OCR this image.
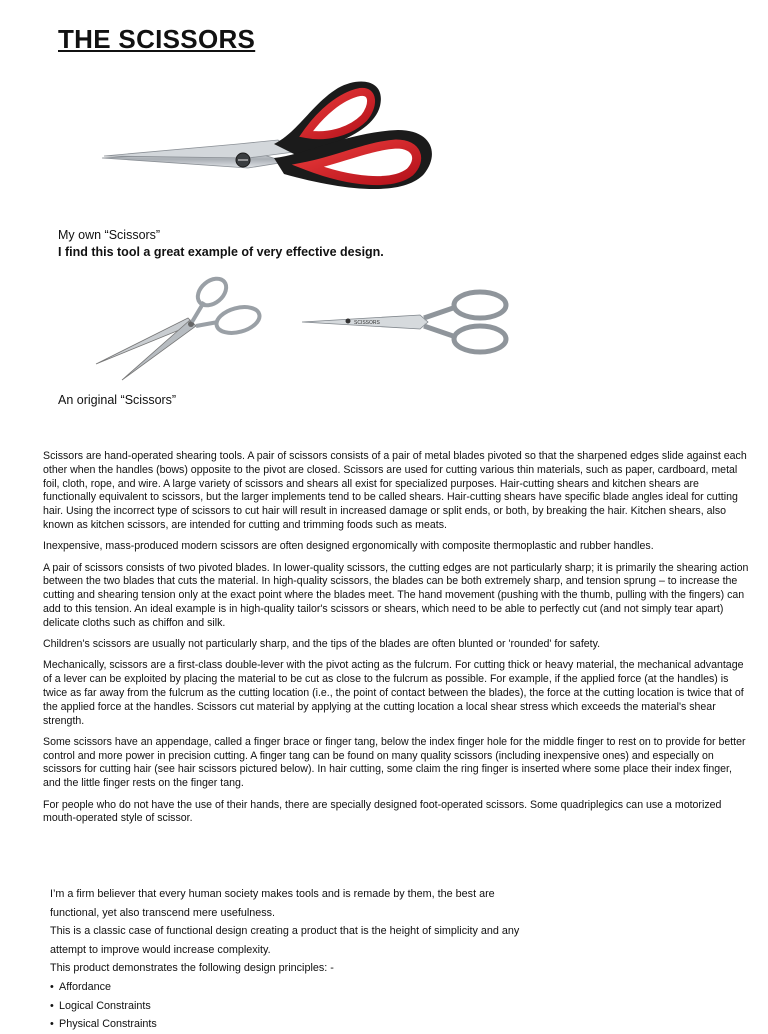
THE SCISSORS
My own “Scissors”
I find this tool a great example of very effective design.
SCISSORS
An original “Scissors”

Scissors are hand-operated shearing tools. A pair of scissors consists of a pair of metal blades pivoted so that the sharpened edges slide against each other when the handles (bows) opposite to the pivot are closed. Scissors are used for cutting various thin materials, such as paper, cardboard, metal foil, cloth, rope, and wire. A large variety of scissors and shears all exist for specialized purposes. Hair-cutting shears and kitchen shears are functionally equivalent to scissors, but the larger implements tend to be called shears. Hair-cutting shears have specific blade angles ideal for cutting hair. Using the incorrect type of scissors to cut hair will result in increased damage or split ends, or both, by breaking the hair. Kitchen shears, also known as kitchen scissors, are intended for cutting and trimming foods such as meats.

Inexpensive, mass-produced modern scissors are often designed ergonomically with composite thermoplastic and rubber handles.

A pair of scissors consists of two pivoted blades. In lower-quality scissors, the cutting edges are not particularly sharp; it is primarily the shearing action between the two blades that cuts the material. In high-quality scissors, the blades can be both extremely sharp, and tension sprung – to increase the cutting and shearing tension only at the exact point where the blades meet. The hand movement (pushing with the thumb, pulling with the fingers) can add to this tension. An ideal example is in high-quality tailor's scissors or shears, which need to be able to perfectly cut (and not simply tear apart) delicate cloths such as chiffon and silk.

Children's scissors are usually not particularly sharp, and the tips of the blades are often blunted or 'rounded' for safety.

Mechanically, scissors are a first-class double-lever with the pivot acting as the fulcrum. For cutting thick or heavy material, the mechanical advantage of a lever can be exploited by placing the material to be cut as close to the fulcrum as possible. For example, if the applied force (at the handles) is twice as far away from the fulcrum as the cutting location (i.e., the point of contact between the blades), the force at the cutting location is twice that of the applied force at the handles. Scissors cut material by applying at the cutting location a local shear stress which exceeds the material's shear strength.

Some scissors have an appendage, called a finger brace or finger tang, below the index finger hole for the middle finger to rest on to provide for better control and more power in precision cutting. A finger tang can be found on many quality scissors (including inexpensive ones) and especially on scissors for cutting hair (see hair scissors pictured below). In hair cutting, some claim the ring finger is inserted where some place their index finger, and the little finger rests on the finger tang.

For people who do not have the use of their hands, there are specially designed foot-operated scissors. Some quadriplegics can use a motorized mouth-operated style of scissor.

I’m a firm believer that every human society makes tools and is remade by them, the best are
functional, yet also transcend mere usefulness.
This is a classic case of functional design creating a product that is the height of simplicity and any
attempt to improve would increase complexity.
This product demonstrates the following design principles: -
• Affordance
• Logical Constraints
• Physical Constraints
